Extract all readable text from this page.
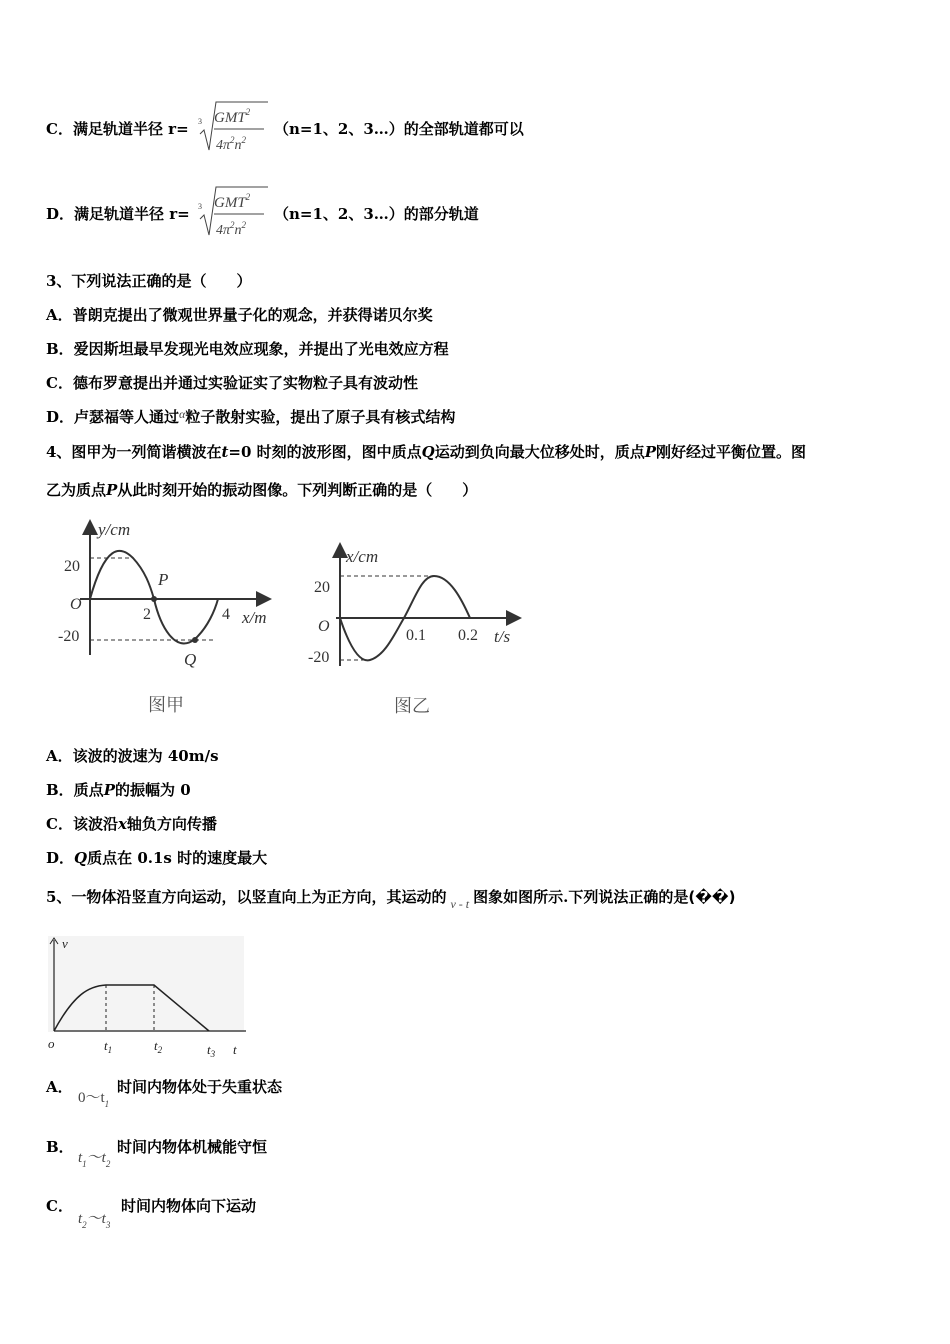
C．满足轨道半径 r= 3 GMT$^2$
$4\pi^2n^2$
（n=1、2、3…）的全部轨道都可以
D．满足轨道半径 r= 3 GMT$^2$
$4\pi^2n^2$
（n=1、2、3…）的部分轨道
3、下列说法正确的是（　　）
A．普朗克提出了微观世界量子化的观念，并获得诺贝尔奖
B．爱因斯坦最早发现光电效应现象，并提出了光电效应方程
C．德布罗意提出并通过实验证实了实物粒子具有波动性
D．卢瑟福等人通过$^\alpha$粒子散射实验，提出了原子具有核式结构
4、图甲为一列简谐横波在t=0 时刻的波形图，图中质点Q运动到负向最大位移处时，质点P刚好经过平衡位置。图
乙为质点P从此时刻开始的振动图像。下列判断正确的是（　　）
y/cm
x/m
20
-20
O
2	4
P
Q
图甲
x/cm
t/s
20
-20
O
0.1 0.2
图乙
A．该波的波速为 40m/s
B．质点P的振幅为 0
C．该波沿x轴负方向传播
D．Q质点在 0.1s 时的速度最大
5、一物体沿竖直方向运动，以竖直向上为正方向，其运动的 $_{v - t}$ 图象如图所示.下列说法正确的是(��)
v
o	$t_1$	$t_2$	$t_3$ t
A．
$0\sim t_1$
时间内物体处于失重状态
B．
$t_1\sim t_2$
时间内物体机械能守恒
C．
$t_2\sim t_3$
时间内物体向下运动
